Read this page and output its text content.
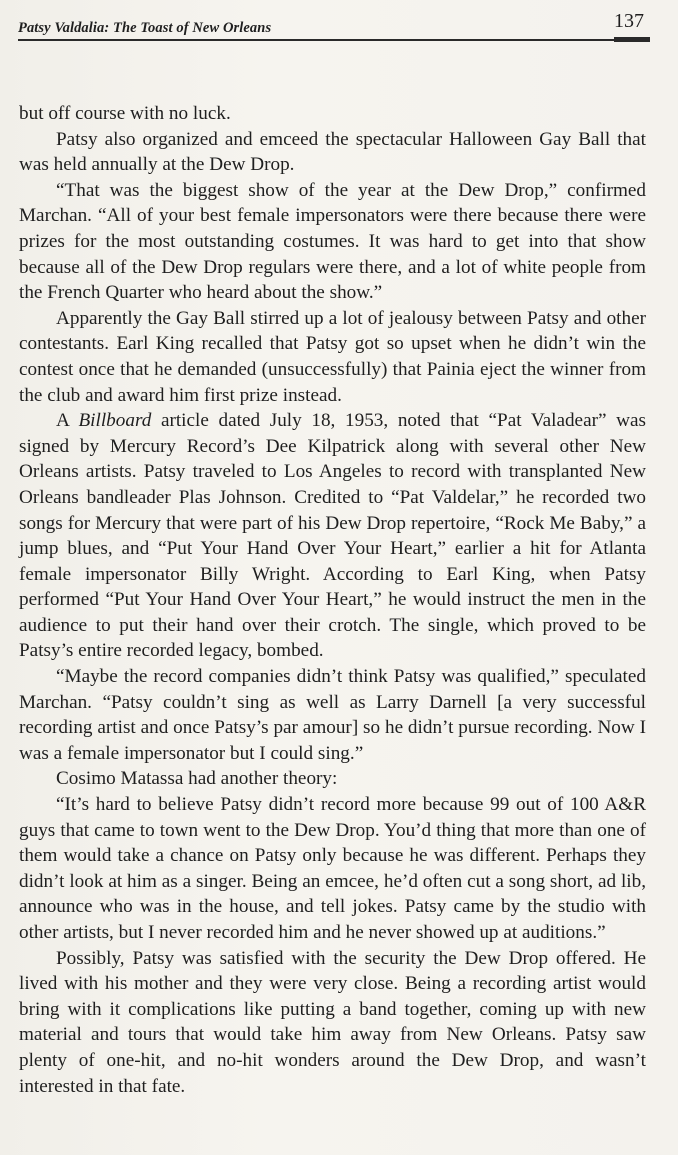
Patsy Valdalia: The Toast of New Orleans	137

but off course with no luck.

Patsy also organized and emceed the spectacular Halloween Gay Ball that was held annually at the Dew Drop.

“That was the biggest show of the year at the Dew Drop,” confirmed Marchan. “All of your best female impersonators were there because there were prizes for the most outstanding costumes. It was hard to get into that show because all of the Dew Drop regulars were there, and a lot of white people from the French Quarter who heard about the show.”

Apparently the Gay Ball stirred up a lot of jealousy between Patsy and other contestants. Earl King recalled that Patsy got so upset when he didn’t win the contest once that he demanded (unsuccessfully) that Painia eject the winner from the club and award him first prize instead.

A Billboard article dated July 18, 1953, noted that “Pat Valadear” was signed by Mercury Record’s Dee Kilpatrick along with several other New Orleans artists. Patsy traveled to Los Angeles to record with transplanted New Orleans bandleader Plas Johnson. Credited to “Pat Valdelar,” he recorded two songs for Mercury that were part of his Dew Drop repertoire, “Rock Me Baby,” a jump blues, and “Put Your Hand Over Your Heart,” earlier a hit for Atlanta female impersonator Billy Wright. According to Earl King, when Patsy performed “Put Your Hand Over Your Heart,” he would instruct the men in the audience to put their hand over their crotch. The single, which proved to be Patsy’s entire recorded legacy, bombed.

“Maybe the record companies didn’t think Patsy was qualified,” speculated Marchan. “Patsy couldn’t sing as well as Larry Darnell [a very successful recording artist and once Patsy’s par amour] so he didn’t pursue recording. Now I was a female impersonator but I could sing.”

Cosimo Matassa had another theory:

“It’s hard to believe Patsy didn’t record more because 99 out of 100 A&R guys that came to town went to the Dew Drop. You’d thing that more than one of them would take a chance on Patsy only because he was different. Perhaps they didn’t look at him as a singer. Being an emcee, he’d often cut a song short, ad lib, announce who was in the house, and tell jokes. Patsy came by the studio with other artists, but I never recorded him and he never showed up at auditions.”

Possibly, Patsy was satisfied with the security the Dew Drop offered. He lived with his mother and they were very close. Being a recording artist would bring with it complications like putting a band together, coming up with new material and tours that would take him away from New Orleans. Patsy saw plenty of one-hit, and no-hit wonders around the Dew Drop, and wasn’t interested in that fate.
